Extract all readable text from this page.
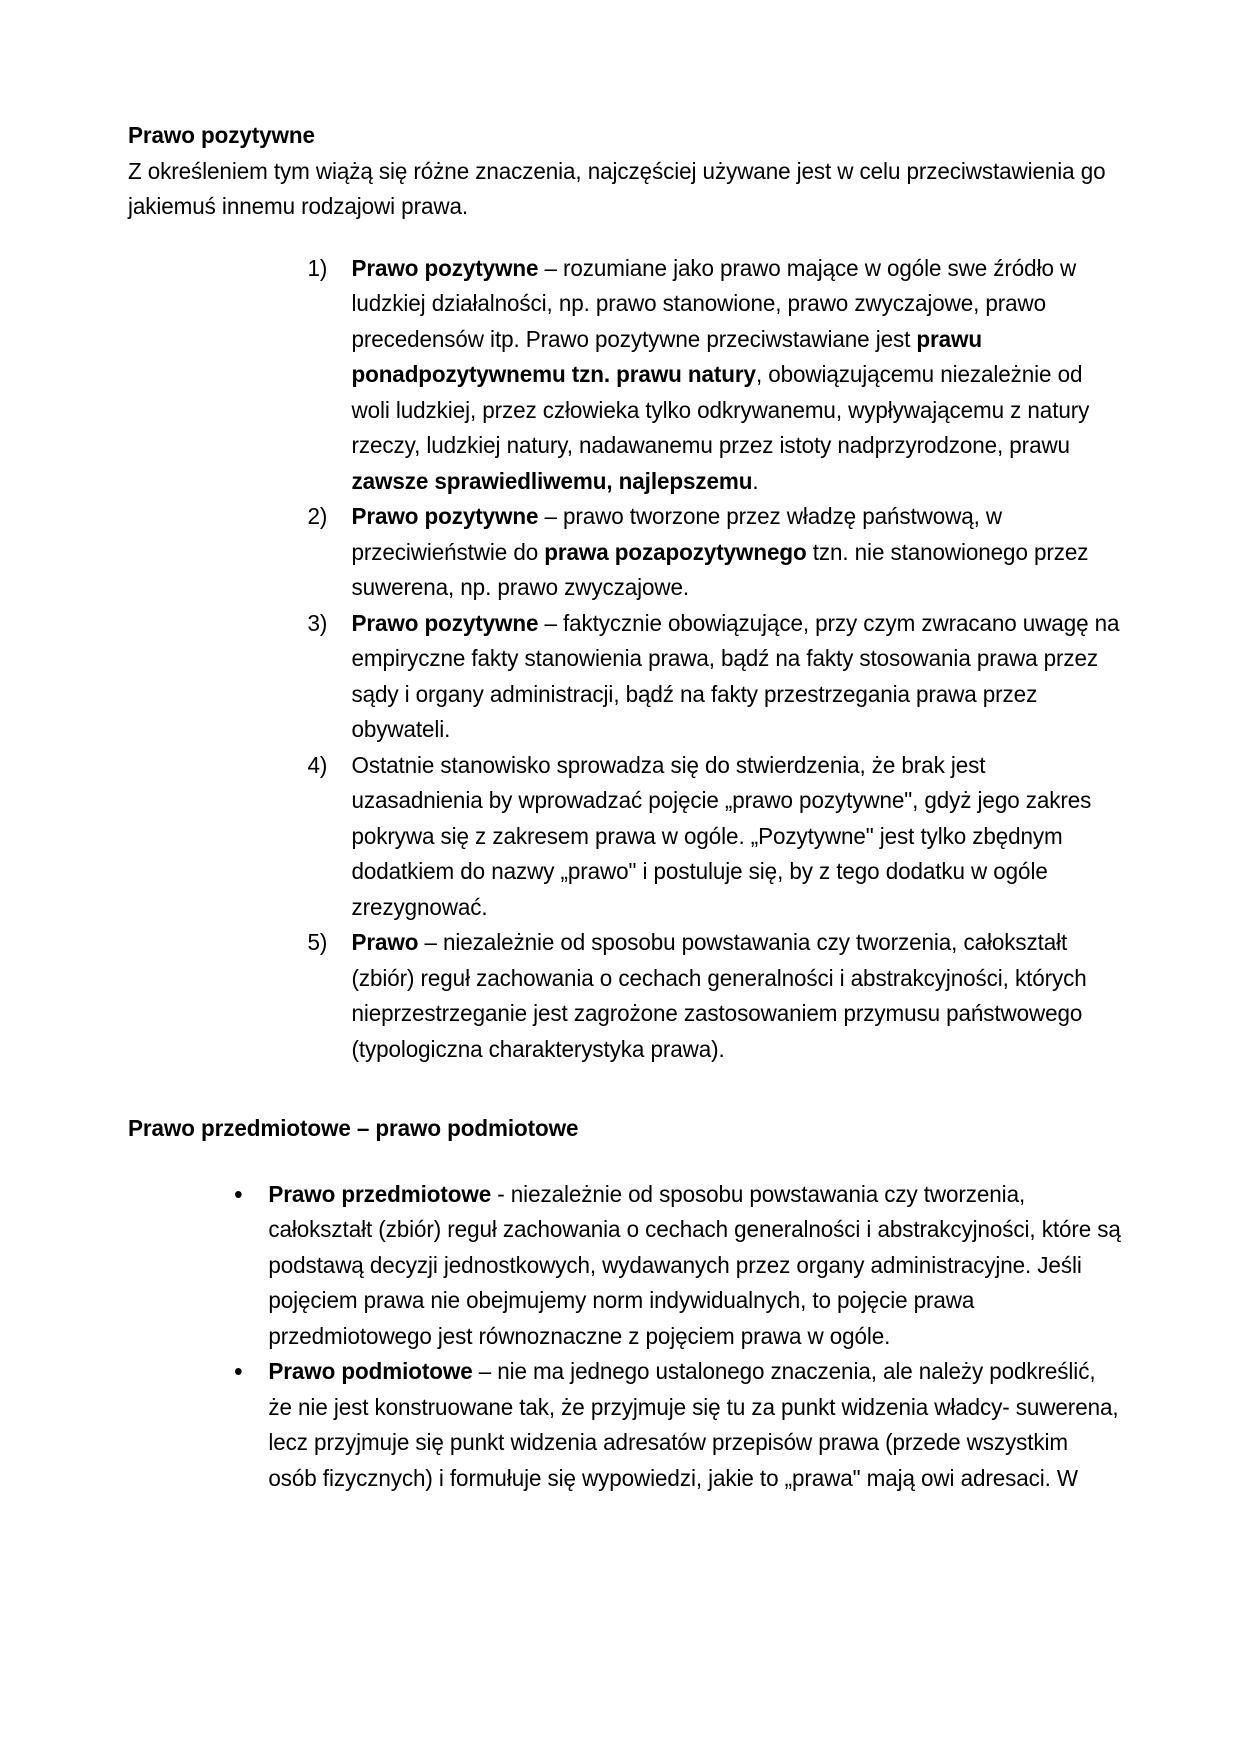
Prawo pozytywne

Z określeniem tym wiążą się różne znaczenia, najczęściej używane jest w celu przeciwstawienia go jakiemuś innemu rodzajowi prawa.

1)	Prawo pozytywne – rozumiane jako prawo mające w ogóle swe źródło w ludzkiej działalności, np. prawo stanowione, prawo zwyczajowe, prawo precedensów itp. Prawo pozytywne przeciwstawiane jest prawu ponadpozytywnemu tzn. prawu natury, obowiązującemu niezależnie od woli ludzkiej, przez człowieka tylko odkrywanemu, wypływającemu z natury rzeczy, ludzkiej natury, nadawanemu przez istoty nadprzyrodzone, prawu zawsze sprawiedliwemu, najlepszemu.
2)	Prawo pozytywne – prawo tworzone przez władzę państwową, w przeciwieństwie do prawa pozapozytywnego tzn. nie stanowionego przez suwerena, np. prawo zwyczajowe.
3)	Prawo pozytywne – faktycznie obowiązujące, przy czym zwracano uwagę na empiryczne fakty stanowienia prawa, bądź na fakty stosowania prawa przez sądy i organy administracji, bądź na fakty przestrzegania prawa przez obywateli.
4)	Ostatnie stanowisko sprowadza się do stwierdzenia, że brak jest uzasadnienia by wprowadzać pojęcie „prawo pozytywne", gdyż jego zakres pokrywa się z zakresem prawa w ogóle. „Pozytywne" jest tylko zbędnym dodatkiem do nazwy „prawo" i postuluje się, by z tego dodatku w ogóle zrezygnować.
5)	Prawo – niezależnie od sposobu powstawania czy tworzenia, całokształt (zbiór) reguł zachowania o cechach generalności i abstrakcyjności, których nieprzestrzeganie jest zagrożone zastosowaniem przymusu państwowego (typologiczna charakterystyka prawa).
Prawo przedmiotowe – prawo podmiotowe
• Prawo przedmiotowe - niezależnie od sposobu powstawania czy tworzenia, całokształt (zbiór) reguł zachowania o cechach generalności i abstrakcyjności, które są podstawą decyzji jednostkowych, wydawanych przez organy administracyjne. Jeśli pojęciem prawa nie obejmujemy norm indywidualnych, to pojęcie prawa przedmiotowego jest równoznaczne z pojęciem prawa w ogóle.
• Prawo podmiotowe – nie ma jednego ustalonego znaczenia, ale należy podkreślić, że nie jest konstruowane tak, że przyjmuje się tu za punkt widzenia władcy- suwerena, lecz przyjmuje się punkt widzenia adresatów przepisów prawa (przede wszystkim osób fizycznych) i formułuje się wypowiedzi, jakie to „prawa" mają owi adresaci. W
